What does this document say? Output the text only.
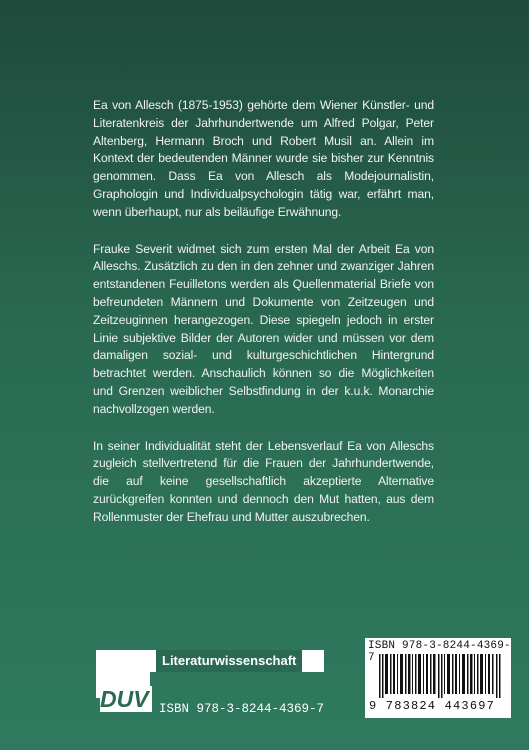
Ea von Allesch (1875-1953) gehörte dem Wiener Künstler- und Literatenkreis der Jahrhundertwende um Alfred Polgar, Peter Altenberg, Hermann Broch und Robert Musil an. Allein im Kontext der bedeutenden Männer wurde sie bisher zur Kenntnis genommen. Dass Ea von Allesch als Modejournalistin, Graphologin und Individualpsychologin tätig war, erfährt man, wenn überhaupt, nur als beiläufige Erwähnung.

Frauke Severit widmet sich zum ersten Mal der Arbeit Ea von Alleschs. Zusätzlich zu den in den zehner und zwanziger Jahren entstandenen Feuilletons werden als Quellenmaterial Briefe von befreundeten Männern und Dokumente von Zeitzeugen und Zeitzeuginnen herangezogen. Diese spiegeln jedoch in erster Linie subjektive Bilder der Autoren wider und müssen vor dem damaligen sozial- und kulturgeschichtlichen Hintergrund betrachtet werden. Anschaulich können so die Möglichkeiten und Grenzen weiblicher Selbstfindung in der k.u.k. Monarchie nachvollzogen werden.

In seiner Individualität steht der Lebensverlauf Ea von Alleschs zugleich stellvertretend für die Frauen der Jahrhundertwende, die auf keine gesellschaftlich akzeptierte Alternative zurückgreifen konnten und dennoch den Mut hatten, aus dem Rollenmuster der Ehefrau und Mutter auszubrechen.

Literaturwissenschaft
DUV ISBN 978-3-8244-4369-7
ISBN 978-3-8244-4369-7
9 783824 443697
